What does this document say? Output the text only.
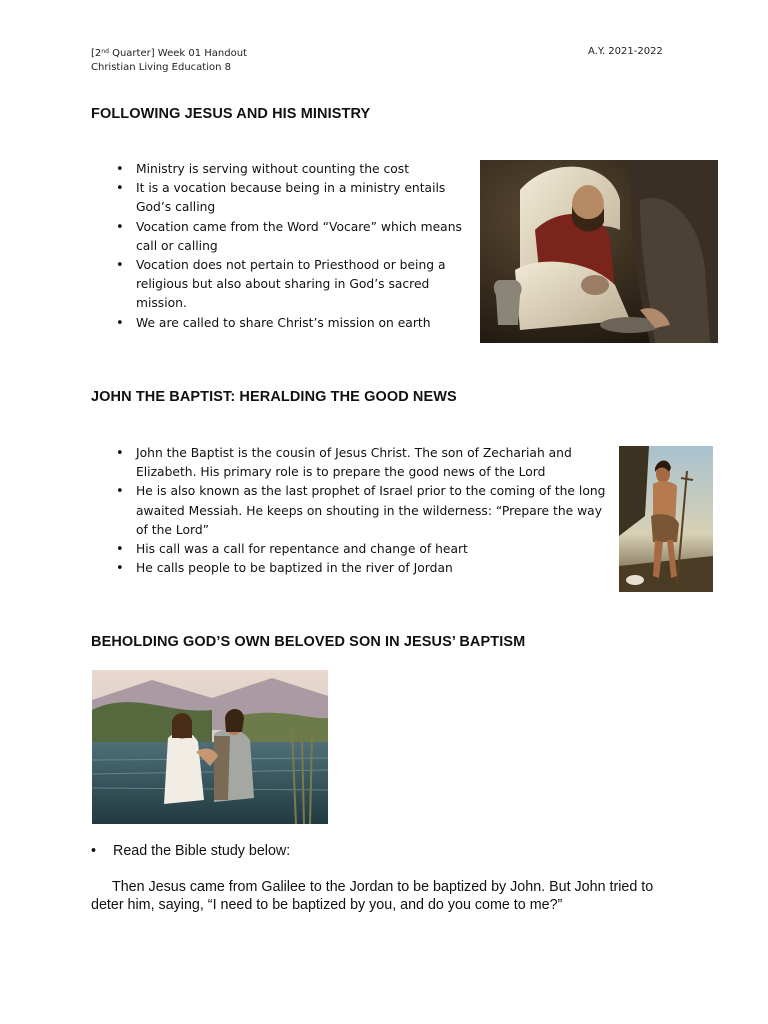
[2nd Quarter] Week 01 Handout
Christian Living Education 8
A.Y. 2021-2022
FOLLOWING JESUS AND HIS MINISTRY
• Ministry is serving without counting the cost
• It is a vocation because being in a ministry entails God’s calling
• Vocation came from the Word “Vocare” which means call or calling
• Vocation does not pertain to Priesthood or being a religious but also about sharing in God’s sacred mission.
• We are called to share Christ’s mission on earth
JOHN THE BAPTIST: HERALDING THE GOOD NEWS
• John the Baptist is the cousin of Jesus Christ. The son of Zechariah and Elizabeth. His primary role is to prepare the good news of the Lord
• He is also known as the last prophet of Israel prior to the coming of the long awaited Messiah. He keeps on shouting in the wilderness: “Prepare the way of the Lord”
• His call was a call for repentance and change of heart
• He calls people to be baptized in the river of Jordan
BEHOLDING GOD’S OWN BELOVED SON IN JESUS’ BAPTISM
• Read the Bible study below:
Then Jesus came from Galilee to the Jordan to be baptized by John. But John tried to deter him, saying, “I need to be baptized by you, and do you come to me?”
